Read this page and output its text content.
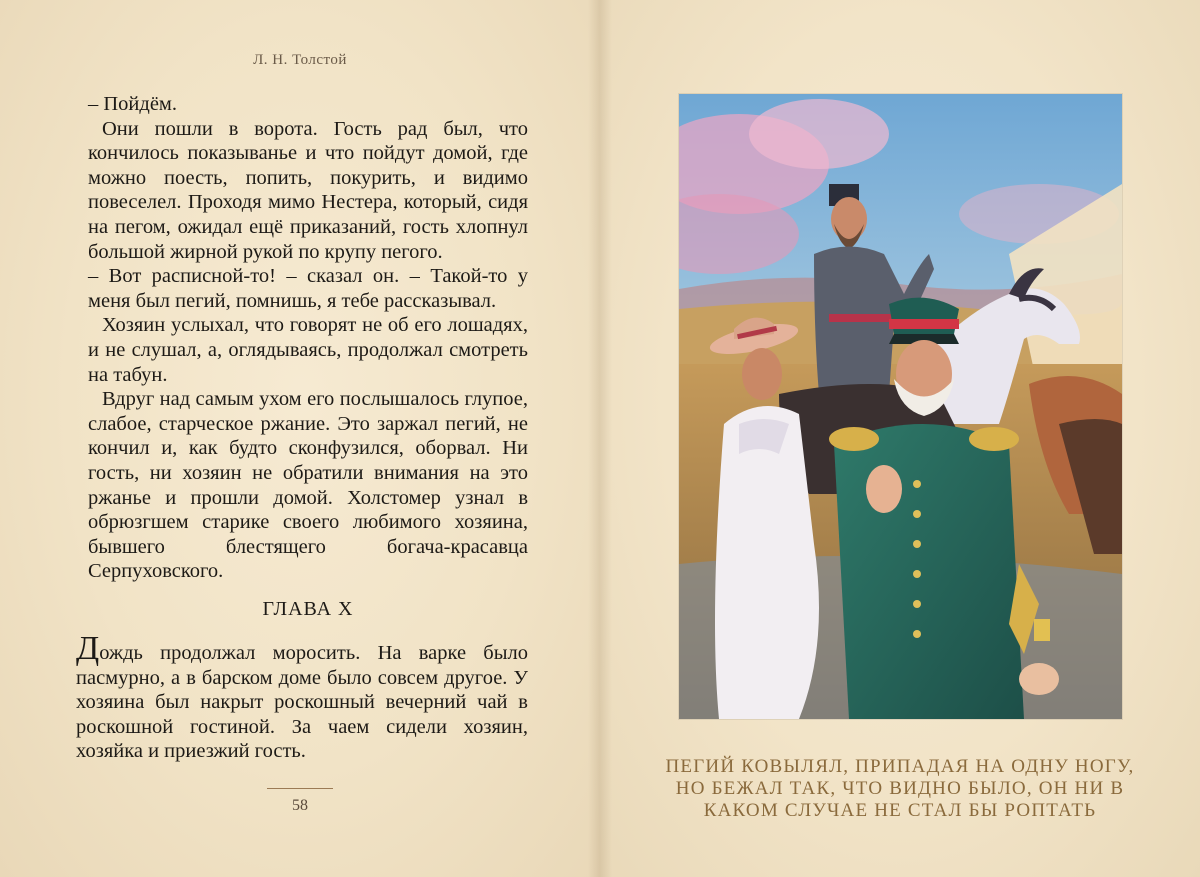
Л. Н. Толстой

– Пойдём.

Они пошли в ворота. Гость рад был, что кончилось показыванье и что пойдут домой, где можно поесть, попить, покурить, и видимо повеселел. Проходя мимо Нестера, который, сидя на пегом, ожидал ещё приказаний, гость хлопнул большой жирной рукой по крупу пегого.

– Вот расписной-то! – сказал он. – Такой-то у меня был пегий, помнишь, я тебе рассказывал.

Хозяин услыхал, что говорят не об его лошадях, и не слушал, а, оглядываясь, продолжал смотреть на табун.

Вдруг над самым ухом его послышалось глупое, слабое, старческое ржание. Это заржал пегий, не кончил и, как будто сконфузился, оборвал. Ни гость, ни хозяин не обратили внимания на это ржанье и прошли домой. Холстомер узнал в обрюзгшем старике своего любимого хозяина, бывшего блестящего богача-красавца Серпуховского.

ГЛАВА X
Дождь продолжал моросить. На варке было пасмурно, а в барском доме было совсем другое. У хозяина был накрыт роскошный вечерний чай в роскошной гостиной. За чаем сидели хозяин, хозяйка и приезжий гость.
58
ПЕГИЙ КОВЫЛЯЛ, ПРИПАДАЯ НА ОДНУ НОГУ, НО БЕЖАЛ ТАК, ЧТО ВИДНО БЫЛО, ОН НИ В КАКОМ СЛУЧАЕ НЕ СТАЛ БЫ РОПТАТЬ
